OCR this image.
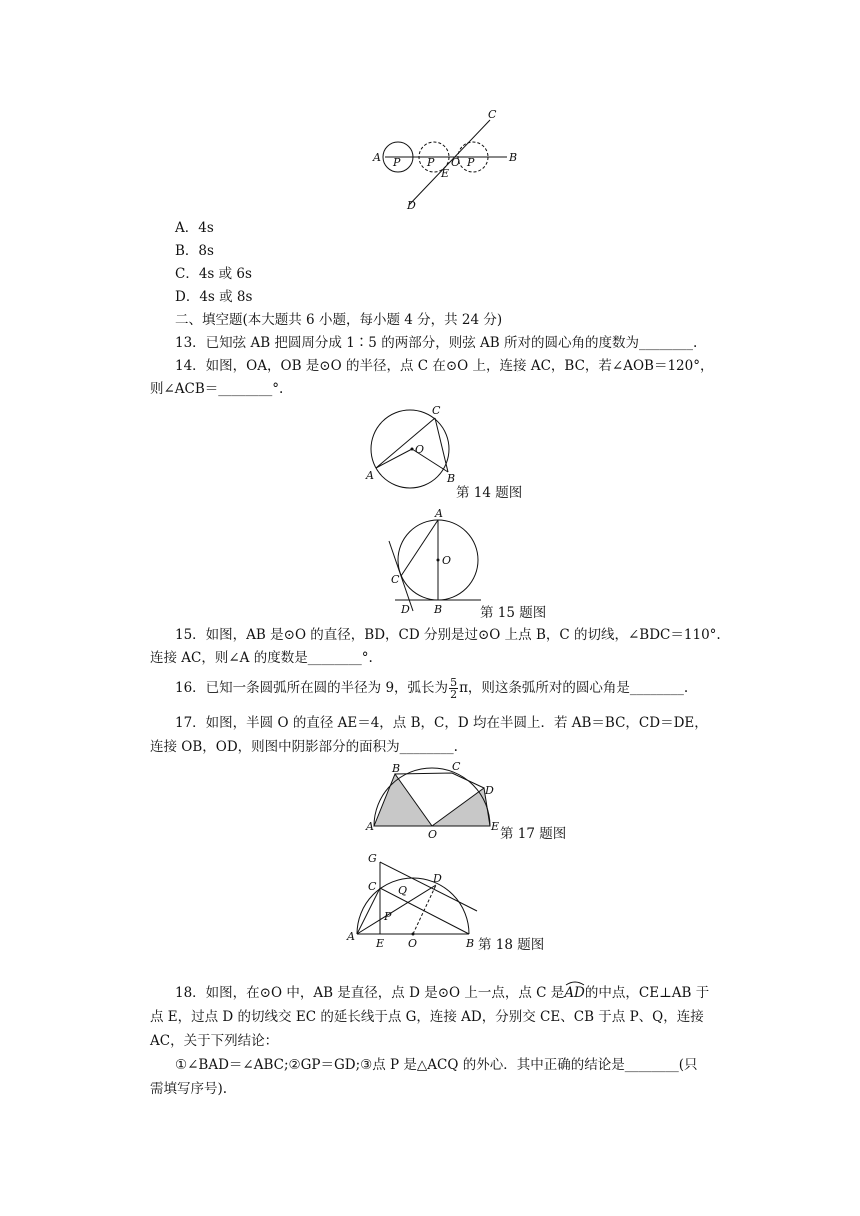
A P P O P	B
C
E
D
A．4s
B．8s
C．4s 或 6s
D．4s 或 8s
二、填空题(本大题共 6 小题，每小题 4 分，共 24 分)
13．已知弦 AB 把圆周分成 1∶5 的两部分，则弦 AB 所对的圆心角的度数为________.
14．如图，OA，OB 是⊙O 的半径，点 C 在⊙O 上，连接 AC，BC，若∠AOB＝120°，
则∠ACB＝________°.
C
O
A	B
第 14 题图
A
O
C
D B	第 15 题图
15．如图，AB 是⊙O 的直径，BD，CD 分别是过⊙O 上点 B，C 的切线，∠BDC＝110°.
连接 AC，则∠A 的度数是________°.
16．已知一条圆弧所在圆的半径为 9，弧长为 $\frac{5}{2}$ π，则这条弧所对的圆心角是________.
17．如图，半圆 O 的直径 AE＝4，点 B，C，D 均在半圆上．若 AB＝BC，CD＝DE，
连接 OB，OD，则图中阴影部分的面积为________.
B	C
D
A
O
E 第 17 题图
G
C Q
D
P
A
E O	B 第 18 题图
18．如图，在⊙O 中，AB 是直径，点 D 是⊙O 上一点，点 C 是
AD的中点，CE⊥AB 于
点 E，过点 D 的切线交 EC 的延长线于点 G，连接 AD，分别交 CE、CB 于点 P、Q，连接
AC，关于下列结论：
①∠BAD＝∠ABC;②GP＝GD;③点 P 是△ACQ 的外心．其中正确的结论是________(只
需填写序号).
